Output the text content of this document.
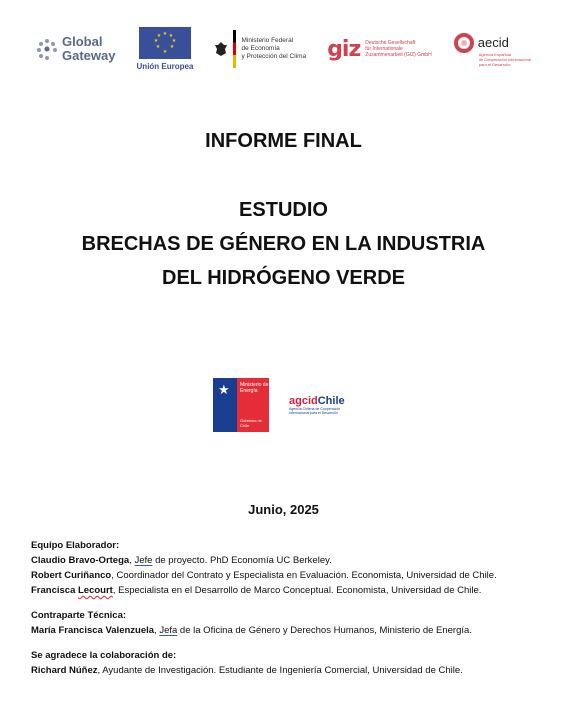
Global
Gateway
★ ★
★
★
★
★
★
★
Unión Europea
Ministerio Federal
de Economía
y Protección del Clima giz Deutsche Gesellschaft
für Internationale
Zusammenarbeit (GIZ) GmbH
aecid
Agencia Española
de Cooperación Internacional
para el Desarrollo
INFORME FINAL
ESTUDIO
BRECHAS DE GÉNERO EN LA INDUSTRIA
DEL HIDRÓGENO VERDE
★ Ministerio de
Energía
Gobierno de Chile
agcidChile
Agencia Chilena de Cooperación Internacional para el Desarrollo
Junio, 2025
Equipo Elaborador:
Claudio Bravo-Ortega, Jefe de proyecto. PhD Economía UC Berkeley.
Robert Curiñanco, Coordinador del Contrato y Especialista en Evaluación. Economista, Universidad de Chile.
Francisca Lecourt, Especialista en el Desarrollo de Marco Conceptual. Economista, Universidad de Chile.
Contraparte Técnica:
María Francisca Valenzuela, Jefa de la Oficina de Género y Derechos Humanos, Ministerio de Energía.
Se agradece la colaboración de:
Richard Núñez, Ayudante de Investigación. Estudiante de Ingeniería Comercial, Universidad de Chile.
